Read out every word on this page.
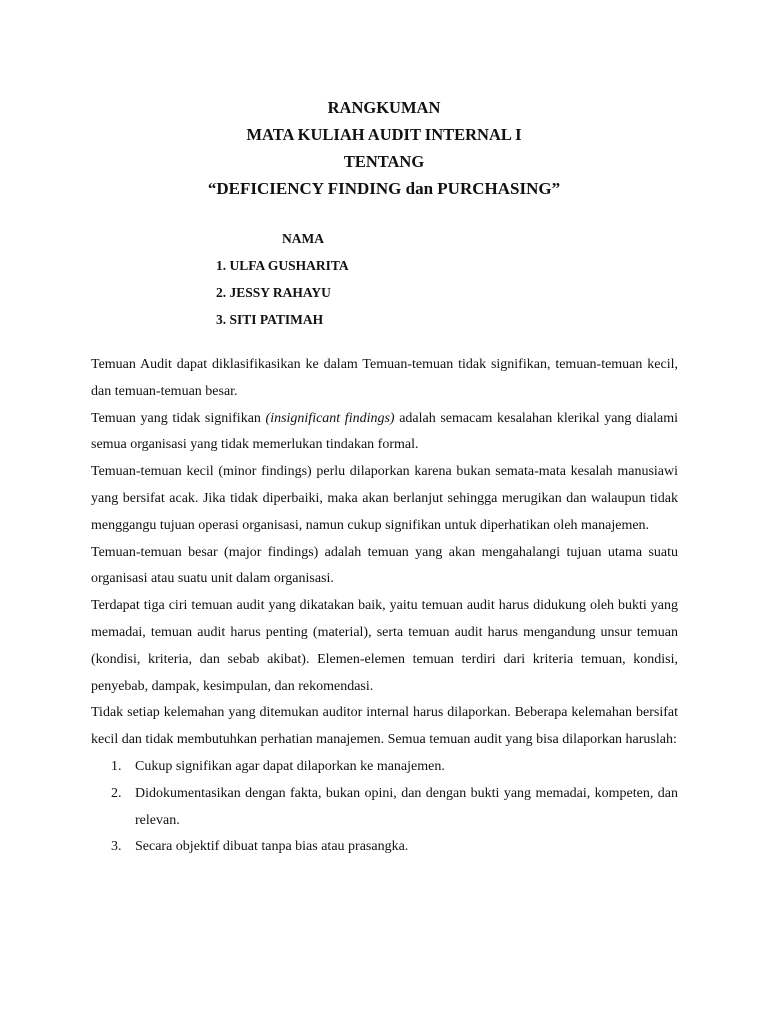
RANGKUMAN
MATA KULIAH AUDIT INTERNAL I
TENTANG
“DEFICIENCY FINDING dan PURCHASING”
NAMA
1. ULFA GUSHARITA
2. JESSY RAHAYU
3. SITI PATIMAH

Temuan Audit dapat diklasifikasikan ke dalam Temuan-temuan tidak signifikan, temuan-temuan kecil, dan temuan-temuan besar.

Temuan yang tidak signifikan (insignificant findings) adalah semacam kesalahan klerikal yang dialami semua organisasi yang tidak memerlukan tindakan formal.

Temuan-temuan kecil (minor findings) perlu dilaporkan karena bukan semata-mata kesalah manusiawi yang bersifat acak. Jika tidak diperbaiki, maka akan berlanjut sehingga merugikan dan walaupun tidak menggangu tujuan operasi organisasi, namun cukup signifikan untuk diperhatikan oleh manajemen.

Temuan-temuan besar (major findings) adalah temuan yang akan mengahalangi tujuan utama suatu organisasi atau suatu unit dalam organisasi.

Terdapat tiga ciri temuan audit yang dikatakan baik, yaitu temuan audit harus didukung oleh bukti yang memadai, temuan audit harus penting (material), serta temuan audit harus mengandung unsur temuan (kondisi, kriteria, dan sebab akibat). Elemen-elemen temuan terdiri dari kriteria temuan, kondisi, penyebab, dampak, kesimpulan, dan rekomendasi.

Tidak setiap kelemahan yang ditemukan auditor internal harus dilaporkan. Beberapa kelemahan bersifat kecil dan tidak membutuhkan perhatian manajemen. Semua temuan audit yang bisa dilaporkan haruslah:

1. Cukup signifikan agar dapat dilaporkan ke manajemen.
2. Didokumentasikan dengan fakta, bukan opini, dan dengan bukti yang memadai, kompeten, dan relevan.
3. Secara objektif dibuat tanpa bias atau prasangka.
